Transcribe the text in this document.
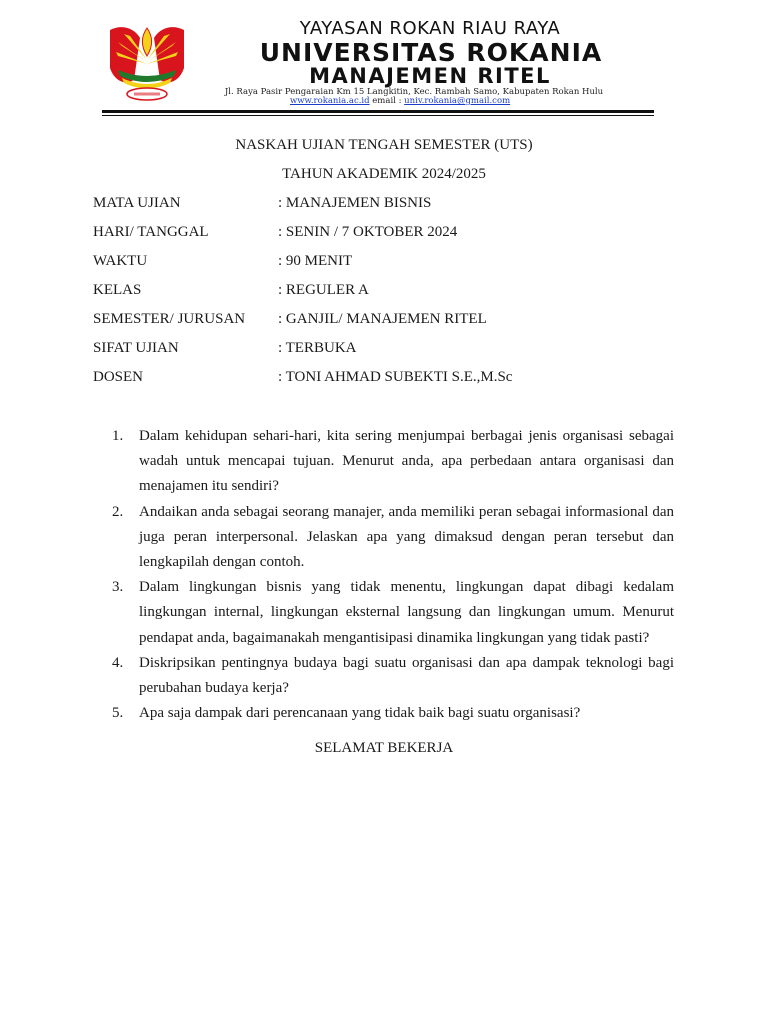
YAYASAN ROKAN RIAU RAYA
UNIVERSITAS ROKANIA
MANAJEMEN RITEL
Jl. Raya Pasir Pengaraian Km 15 Langkitin, Kec. Rambah Samo, Kabupaten Rokan Hulu
www.rokania.ac.id email : univ.rokania@gmail.com
NASKAH UJIAN TENGAH SEMESTER (UTS)
TAHUN AKADEMIK 2024/2025
MATA UJIAN	: MANAJEMEN BISNIS
HARI/ TANGGAL	: SENIN / 7 OKTOBER 2024
WAKTU	: 90 MENIT
KELAS	: REGULER A
SEMESTER/ JURUSAN	: GANJIL/ MANAJEMEN RITEL
SIFAT UJIAN	: TERBUKA
DOSEN	: TONI AHMAD SUBEKTI S.E.,M.Sc
1.	Dalam kehidupan sehari-hari, kita sering menjumpai berbagai jenis organisasi sebagai wadah untuk mencapai tujuan. Menurut anda, apa perbedaan antara organisasi dan menajamen itu sendiri?
2.	Andaikan anda sebagai seorang manajer, anda memiliki peran sebagai informasional dan juga peran interpersonal. Jelaskan apa yang dimaksud dengan peran tersebut dan lengkapilah dengan contoh.
3.	Dalam lingkungan bisnis yang tidak menentu, lingkungan dapat dibagi kedalam lingkungan internal, lingkungan eksternal langsung dan lingkungan umum. Menurut pendapat anda, bagaimanakah mengantisipasi dinamika lingkungan yang tidak pasti?
4.	Diskripsikan pentingnya budaya bagi suatu organisasi dan apa dampak teknologi bagi perubahan budaya kerja?
5.	Apa saja dampak dari perencanaan yang tidak baik bagi suatu organisasi?
SELAMAT BEKERJA
